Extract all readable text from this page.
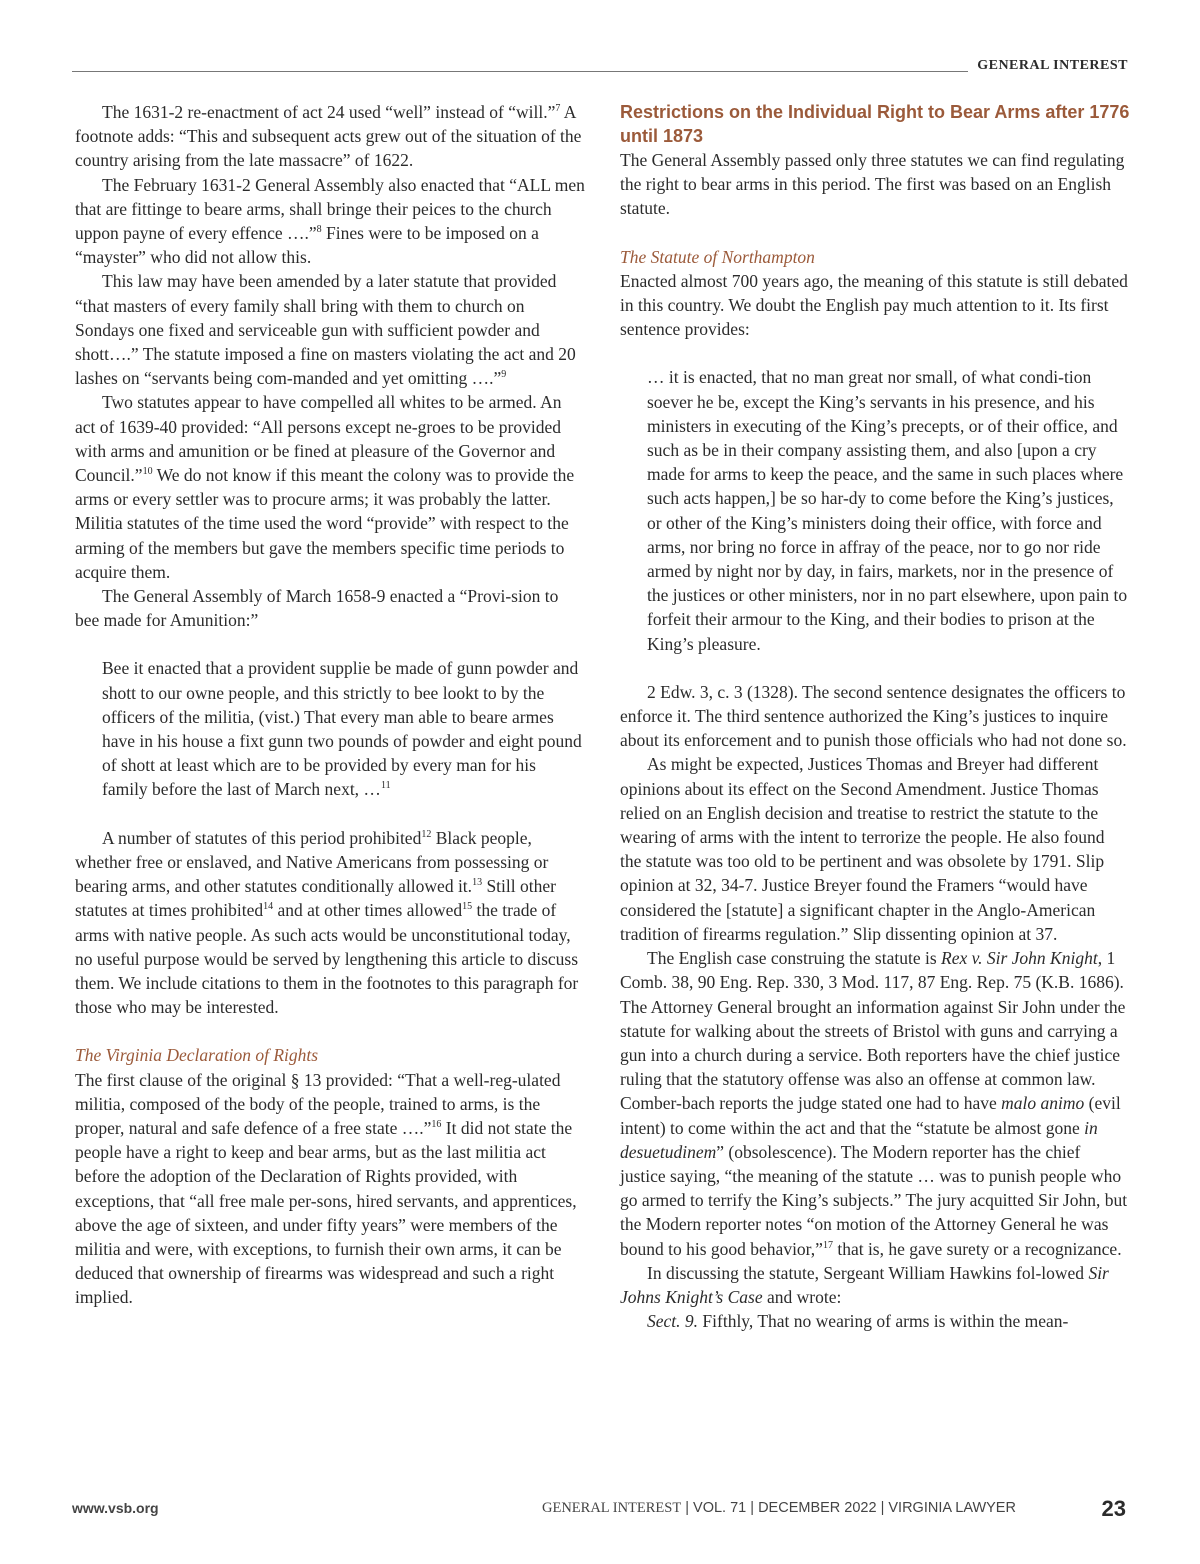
GENERAL INTEREST

The 1631-2 re-enactment of act 24 used “well” instead of “will.”$^7$ A footnote adds: “This and subsequent acts grew out of the situation of the country arising from the late massacre” of 1622.

The February 1631-2 General Assembly also enacted that “ALL men that are fittinge to beare arms, shall bringe their peices to the church uppon payne of every effence ….”$^8$ Fines were to be imposed on a “mayster” who did not allow this.

This law may have been amended by a later statute that provided “that masters of every family shall bring with them to church on Sondays one fixed and serviceable gun with sufficient powder and shott….” The statute imposed a fine on masters violating the act and 20 lashes on “servants being com-manded and yet omitting ….”$^9$

Two statutes appear to have compelled all whites to be armed. An act of 1639-40 provided: “All persons except ne-groes to be provided with arms and amunition or be fined at pleasure of the Governor and Council.”$^{10}$ We do not know if this meant the colony was to provide the arms or every settler was to procure arms; it was probably the latter. Militia statutes of the time used the word “provide” with respect to the arming of the members but gave the members specific time periods to acquire them.

The General Assembly of March 1658-9 enacted a “Provi-sion to bee made for Amunition:”

Bee it enacted that a provident supplie be made of gunn powder and shott to our owne people, and this strictly to bee lookt to by the officers of the militia, (vist.) That every man able to beare armes have in his house a fixt gunn two pounds of powder and eight pound of shott at least which are to be provided by every man for his family before the last of March next, …$^{11}$

A number of statutes of this period prohibited$^{12}$ Black people, whether free or enslaved, and Native Americans from possessing or bearing arms, and other statutes conditionally allowed it.$^{13}$ Still other statutes at times prohibited$^{14}$ and at other times allowed$^{15}$ the trade of arms with native people. As such acts would be unconstitutional today, no useful purpose would be served by lengthening this article to discuss them. We include citations to them in the footnotes to this paragraph for those who may be interested.

The Virginia Declaration of Rights

The first clause of the original § 13 provided: “That a well-reg-ulated militia, composed of the body of the people, trained to arms, is the proper, natural and safe defence of a free state ….”$^{16}$ It did not state the people have a right to keep and bear arms, but as the last militia act before the adoption of the Declaration of Rights provided, with exceptions, that “all free male per-sons, hired servants, and apprentices, above the age of sixteen, and under fifty years” were members of the militia and were, with exceptions, to furnish their own arms, it can be deduced that ownership of firearms was widespread and such a right implied.

Restrictions on the Individual Right to Bear Arms after 1776 until 1873

The General Assembly passed only three statutes we can find regulating the right to bear arms in this period. The first was based on an English statute.

The Statute of Northampton

Enacted almost 700 years ago, the meaning of this statute is still debated in this country. We doubt the English pay much attention to it. Its first sentence provides:

… it is enacted, that no man great nor small, of what condi-tion soever he be, except the King’s servants in his presence, and his ministers in executing of the King’s precepts, or of their office, and such as be in their company assisting them, and also [upon a cry made for arms to keep the peace, and the same in such places where such acts happen,] be so har-dy to come before the King’s justices, or other of the King’s ministers doing their office, with force and arms, nor bring no force in affray of the peace, nor to go nor ride armed by night nor by day, in fairs, markets, nor in the presence of the justices or other ministers, nor in no part elsewhere, upon pain to forfeit their armour to the King, and their bodies to prison at the King’s pleasure.

2 Edw. 3, c. 3 (1328). The second sentence designates the officers to enforce it. The third sentence authorized the King’s justices to inquire about its enforcement and to punish those officials who had not done so.

As might be expected, Justices Thomas and Breyer had different opinions about its effect on the Second Amendment. Justice Thomas relied on an English decision and treatise to restrict the statute to the wearing of arms with the intent to terrorize the people. He also found the statute was too old to be pertinent and was obsolete by 1791. Slip opinion at 32, 34-7. Justice Breyer found the Framers “would have considered the [statute] a significant chapter in the Anglo-American tradition of firearms regulation.” Slip dissenting opinion at 37.

The English case construing the statute is Rex v. Sir John Knight, 1 Comb. 38, 90 Eng. Rep. 330, 3 Mod. 117, 87 Eng. Rep. 75 (K.B. 1686). The Attorney General brought an information against Sir John under the statute for walking about the streets of Bristol with guns and carrying a gun into a church during a service. Both reporters have the chief justice ruling that the statutory offense was also an offense at common law. Comber-bach reports the judge stated one had to have malo animo (evil intent) to come within the act and that the “statute be almost gone in desuetudinem” (obsolescence). The Modern reporter has the chief justice saying, “the meaning of the statute … was to punish people who go armed to terrify the King’s subjects.” The jury acquitted Sir John, but the Modern reporter notes “on motion of the Attorney General he was bound to his good behavior,”$^{17}$ that is, he gave surety or a recognizance.

In discussing the statute, Sergeant William Hawkins fol-lowed Sir Johns Knight’s Case and wrote:

Sect. 9. Fifthly, That no wearing of arms is within the mean-

www.vsb.org	GENERAL INTEREST | VOL. 71 | DECEMBER 2022 | VIRGINIA LAWYER	23
